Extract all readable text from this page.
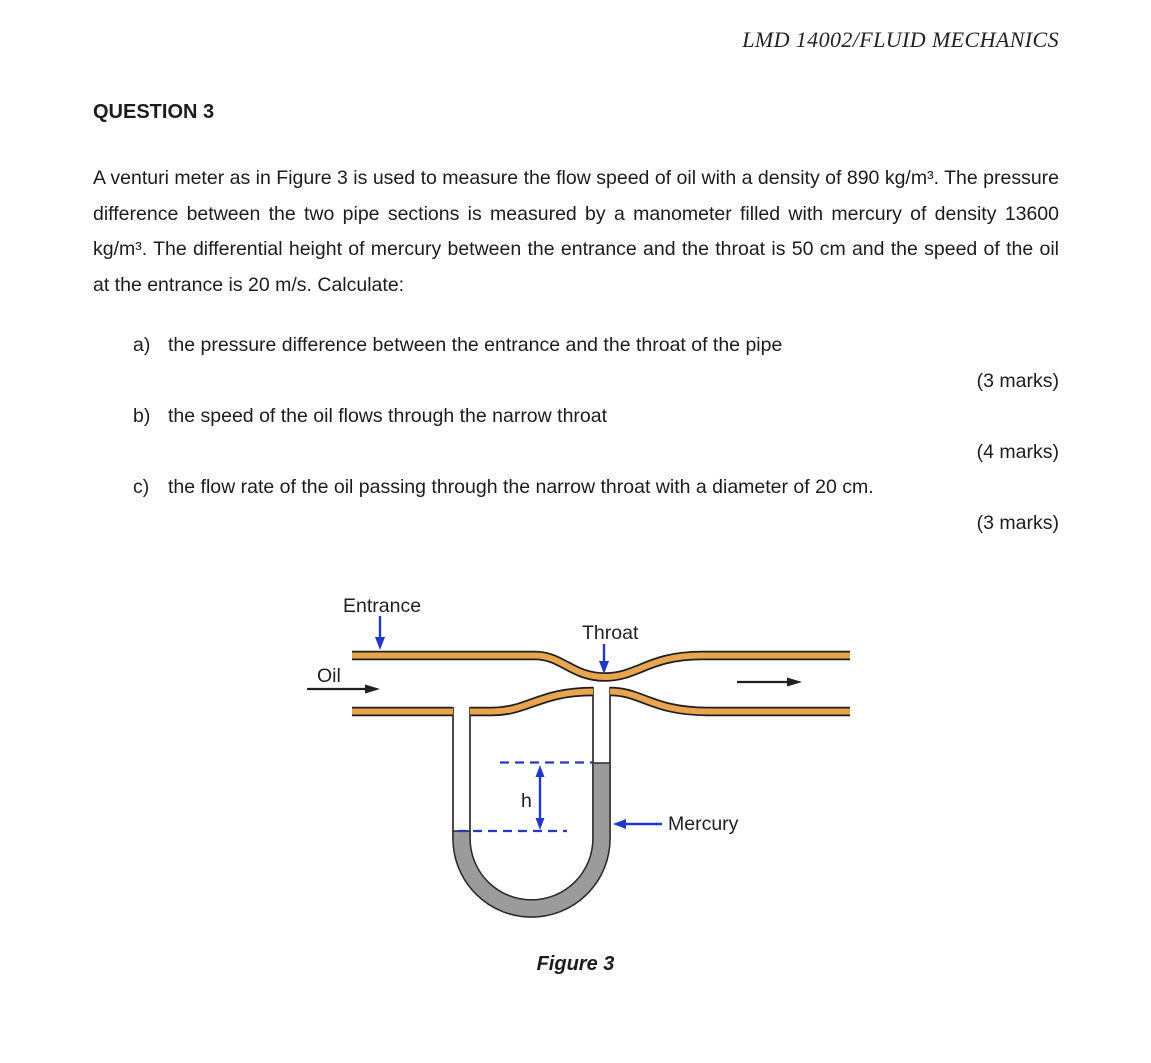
LMD 14002/FLUID MECHANICS
QUESTION 3
A venturi meter as in Figure 3 is used to measure the flow speed of oil with a density of 890 kg/m³. The pressure difference between the two pipe sections is measured by a manometer filled with mercury of density 13600 kg/m³. The differential height of mercury between the entrance and the throat is 50 cm and the speed of the oil at the entrance is 20 m/s. Calculate:
a) the pressure difference between the entrance and the throat of the pipe
(3 marks)
b) the speed of the oil flows through the narrow throat
(4 marks)
c) the flow rate of the oil passing through the narrow throat with a diameter of 20 cm.
(3 marks)
Entrance
Throat
Oil
h
Mercury
Figure 3
